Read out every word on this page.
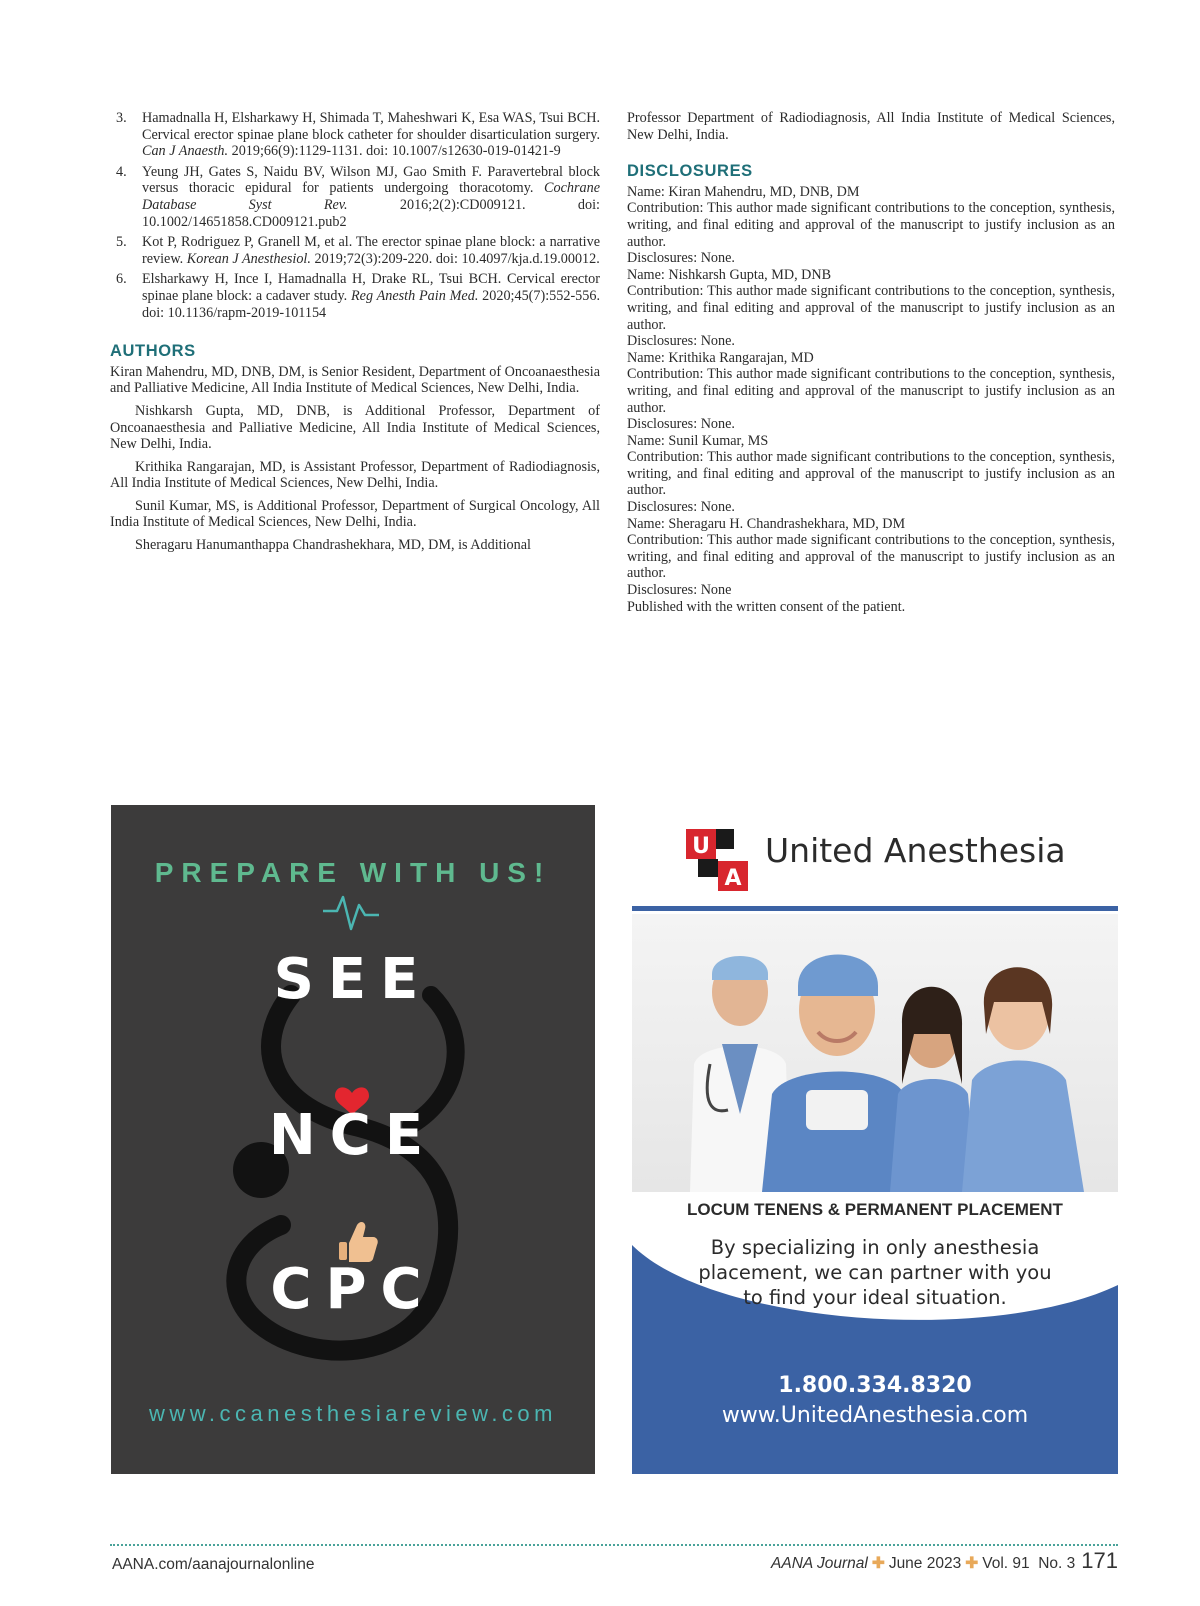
3. Hamadnalla H, Elsharkawy H, Shimada T, Maheshwari K, Esa WAS, Tsui BCH. Cervical erector spinae plane block catheter for shoulder disarticulation surgery. Can J Anaesth. 2019;66(9):1129-1131. doi: 10.1007/s12630-019-01421-9
4. Yeung JH, Gates S, Naidu BV, Wilson MJ, Gao Smith F. Paravertebral block versus thoracic epidural for patients undergoing thoracotomy. Cochrane Database Syst Rev. 2016;2(2):CD009121. doi: 10.1002/14651858.CD009121.pub2
5. Kot P, Rodriguez P, Granell M, et al. The erector spinae plane block: a narrative review. Korean J Anesthesiol. 2019;72(3):209-220. doi: 10.4097/kja.d.19.00012.
6. Elsharkawy H, Ince I, Hamadnalla H, Drake RL, Tsui BCH. Cervical erector spinae plane block: a cadaver study. Reg Anesth Pain Med. 2020;45(7):552-556. doi: 10.1136/rapm-2019-101154
AUTHORS

Kiran Mahendru, MD, DNB, DM, is Senior Resident, Department of Oncoanaesthesia and Palliative Medicine, All India Institute of Medical Sciences, New Delhi, India.

Nishkarsh Gupta, MD, DNB, is Additional Professor, Department of Oncoanaesthesia and Palliative Medicine, All India Institute of Medical Sciences, New Delhi, India.

Krithika Rangarajan, MD, is Assistant Professor, Department of Radiodiagnosis, All India Institute of Medical Sciences, New Delhi, India.

Sunil Kumar, MS, is Additional Professor, Department of Surgical Oncology, All India Institute of Medical Sciences, New Delhi, India.

Sheragaru Hanumanthappa Chandrashekhara, MD, DM, is Additional

Professor Department of Radiodiagnosis, All India Institute of Medical Sciences, New Delhi, India.

DISCLOSURES

Name: Kiran Mahendru, MD, DNB, DM

Contribution: This author made significant contributions to the conception, synthesis, writing, and final editing and approval of the manuscript to justify inclusion as an author.

Disclosures: None.

Name: Nishkarsh Gupta, MD, DNB

Contribution: This author made significant contributions to the conception, synthesis, writing, and final editing and approval of the manuscript to justify inclusion as an author.

Disclosures: None.

Name: Krithika Rangarajan, MD

Contribution: This author made significant contributions to the conception, synthesis, writing, and final editing and approval of the manuscript to justify inclusion as an author.

Disclosures: None.

Name: Sunil Kumar, MS

Contribution: This author made significant contributions to the conception, synthesis, writing, and final editing and approval of the manuscript to justify inclusion as an author.

Disclosures: None.

Name: Sheragaru H. Chandrashekhara, MD, DM

Contribution: This author made significant contributions to the conception, synthesis, writing, and final editing and approval of the manuscript to justify inclusion as an author.

Disclosures: None

Published with the written consent of the patient.

PREPARE WITH US!
SEE
NCE
CPC
www.ccanesthesiareview.com
U
A
United Anesthesia
LOCUM TENENS & PERMANENT PLACEMENT
By specializing in only anesthesia placement, we can partner with you to find your ideal situation.
1.800.334.8320
www.UnitedAnesthesia.com
AANA.com/aanajournalonline	AANA Journal ✚ June 2023 ✚ Vol. 91  No. 3 171
